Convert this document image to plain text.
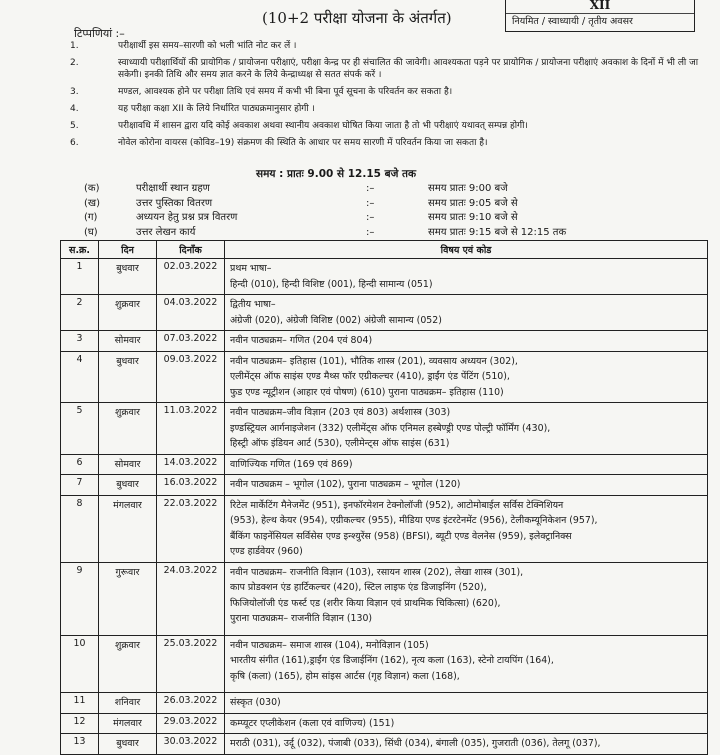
(10+2 परीक्षा योजना के अंतर्गत)
XII
नियमित / स्वाध्यायी / तृतीय अवसर
टिप्पणियां :–
1.	परीक्षार्थी इस समय–सारणी को भली भांति नोट कर लें ।
2.	स्वाध्यायी परीक्षार्थियों की प्रायोगिक / प्रायोजना परीक्षाएं, परीक्षा केन्द्र पर ही संचालित की जावेगी। आवश्यकता पड़ने पर प्रायोगिक / प्रायोजना परीक्षाएं अवकाश के दिनों में भी ली जा सकेगी। इनकी तिथि और समय ज्ञात करने के लिये केन्द्राध्यक्ष से सतत संपर्क करें ।
3.	मण्डल, आवश्यक होने पर परीक्षा तिथि एवं समय में कभी भी बिना पूर्व सूचना के परिवर्तन कर सकता है।
4.	यह परीक्षा कक्षा XII के लिये निर्धारित पाठ्यक्रमानुसार होगी ।
5.	परीक्षावधि में शासन द्वारा यदि कोई अवकाश अथवा स्थानीय अवकाश घोषित किया जाता है तो भी परीक्षाएं यथावत् सम्पन्न होगी।
6.	नोवेल कोरोना वायरस (कोविड–19) संक्रमण की स्थिति के आधार पर समय सारणी में परिवर्तन किया जा सकता है।
समय : प्रातः 9.00 से 12.15 बजे तक
(क)	परीक्षार्थी स्थान ग्रहण	:–	समय प्रातः 9:00 बजे
(ख)	उत्तर पुस्तिका वितरण	:–	समय प्रातः 9:05 बजे से
(ग)	अध्ययन हेतु प्रश्न प्रत्र वितरण	:–	समय प्रातः 9:10 बजे से
(घ)	उत्तर लेखन कार्य	:–	समय प्रातः 9:15 बजे से 12:15 तक
स.क्र.	दिन	दिनाँक	विषय एवं कोड
1	बुधवार	02.03.2022	प्रथम भाषा–
हिन्दी (010), हिन्दी विशिष्ट (001), हिन्दी सामान्य (051)
2	शुक्रवार	04.03.2022	द्वितीय भाषा–
अंग्रेजी (020), अंग्रेजी विशिष्ट (002) अंग्रेजी सामान्य (052)
3	सोमवार	07.03.2022	नवीन पाठ्यक्रम– गणित (204 एवं 804)
4	बुधवार	09.03.2022	नवीन पाठ्यक्रम– इतिहास (101), भौतिक शास्त्र (201), व्यवसाय अध्ययन (302),
एलीमेंट्स ऑफ साइंस एण्ड मैथ्स फॉर एग्रीकल्चर (410), ड्राईंग एंड पेंटिंग (510),
फुड एण्ड न्यूट्रीशन (आहार एवं पोषण) (610) पुराना पाठ्यक्रम– इतिहास (110)
5	शुक्रवार	11.03.2022	नवीन पाठ्यक्रम–जीव विज्ञान (203 एवं 803) अर्थशास्त्र (303)
इण्डस्ट्रियल आर्गनाइजेशन (332) एलीमेंट्स ऑफ एनिमल हस्बेण्ड्री एण्ड पोल्ट्री फॉर्मिंग (430),
हिस्ट्री ऑफ इंडियन आर्ट (530), एलीमेन्ट्स ऑफ साइंस (631)
6	सोमवार	14.03.2022	वाणिज्यिक गणित (169 एवं 869)
7	बुधवार	16.03.2022	नवीन पाठ्यक्रम – भूगोल (102), पुराना पाठ्यक्रम – भूगोल (120)
8	मंगलवार	22.03.2022	रिटेल मार्केटिंग मैनेजमेंट (951), इनफॉरमेशन टेक्नोलॉजी (952), आटोमोबाईल सर्विस टेक्निशियन
(953), हेल्थ केयर (954), एग्रीकल्चर (955), मीडिया एण्ड इंटरटेनमेंट (956), टेलीकम्यूनिकेशन (957),
बैंकिंग फाइनेंसियल सर्विसेस एण्ड इन्श्युरेंस (958) (BFSI), ब्यूटी एण्ड वेलनेस (959), इलेक्ट्रानिक्स
एण्ड हार्डवेयर (960)
9	गुरूवार	24.03.2022	नवीन पाठ्यक्रम– राजनीति विज्ञान (103), रसायन शास्त्र (202), लेखा शास्त्र (301),
काप प्रोडक्शन एंड हार्टिकल्चर (420), स्टिल लाइफ एंड डिजाइनिंग (520),
फिजियोलॉजी एंड फर्स्ट एड (शरीर किया विज्ञान एवं प्राथमिक चिकित्सा) (620),
पुराना पाठ्यक्रम– राजनीति विज्ञान (130)
10	शुक्रवार	25.03.2022	नवीन पाठ्यक्रम– समाज शास्त्र (104), मनोविज्ञान (105)
भारतीय संगीत (161),ड्राईंग एंड डिजाईनिंग (162), नृत्य कला (163), स्टेनो टायपिंग (164),
कृषि (कला) (165), होम सांइस आर्टस (गृह विज्ञान) कला (168),
11	शनिवार	26.03.2022	संस्कृत (030)
12	मंगलवार	29.03.2022	कम्प्यूटर एप्लीकेशन (कला एवं वाणिज्य) (151)
13	बुधवार	30.03.2022	मराठी (031), उर्दू (032), पंजाबी (033), सिंधी (034), बंगाली (035), गुजराती (036), तेलगू (037),
